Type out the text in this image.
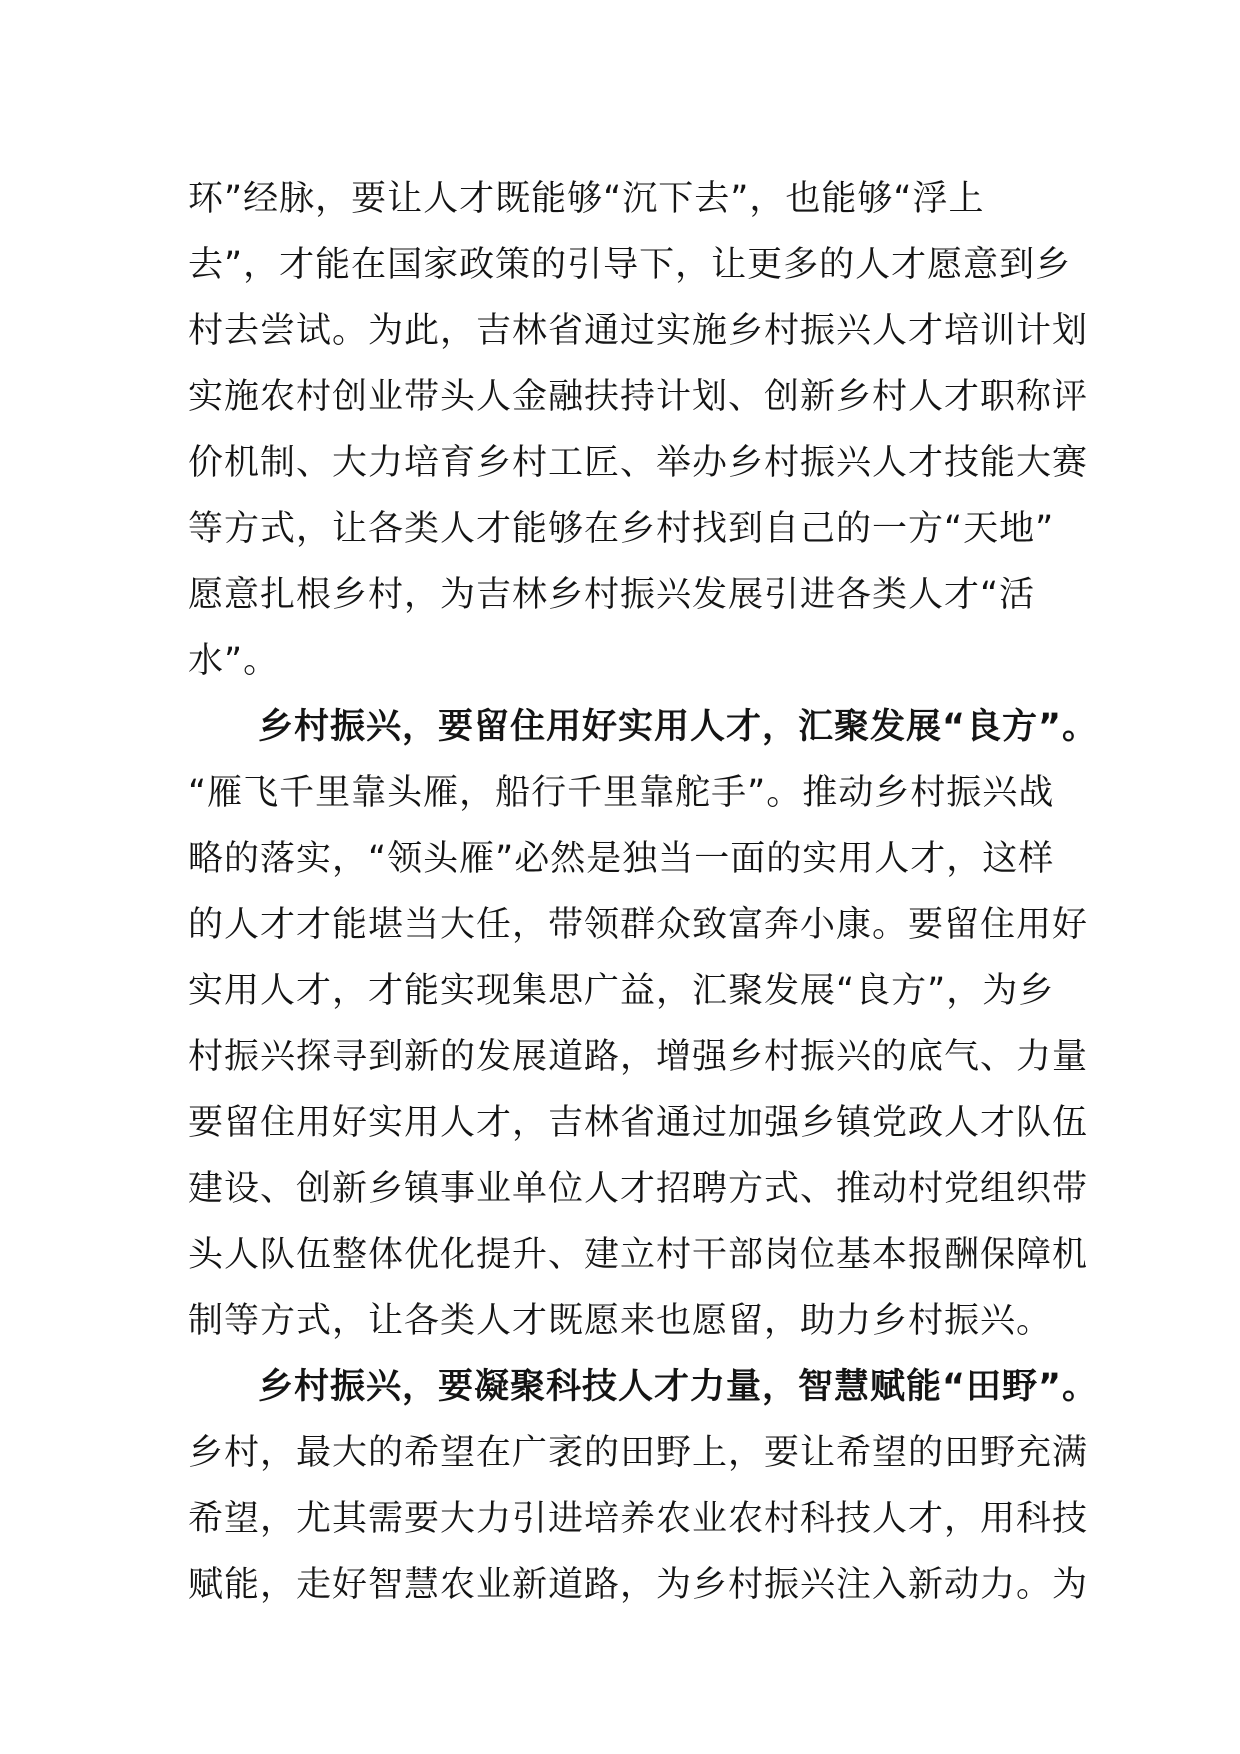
环”经脉，要让人才既能够“沉下去”，也能够“浮上
去”，才能在国家政策的引导下，让更多的人才愿意到乡
村去尝试。为此，吉林省通过实施乡村振兴人才培训计划
实施农村创业带头人金融扶持计划、创新乡村人才职称评
价机制、大力培育乡村工匠、举办乡村振兴人才技能大赛
等方式，让各类人才能够在乡村找到自己的一方“天地”
愿意扎根乡村，为吉林乡村振兴发展引进各类人才“活
水”。
乡村振兴，要留住用好实用人才，汇聚发展“良方”。
“雁飞千里靠头雁，船行千里靠舵手”。推动乡村振兴战
略的落实，“领头雁”必然是独当一面的实用人才，这样
的人才才能堪当大任，带领群众致富奔小康。要留住用好
实用人才，才能实现集思广益，汇聚发展“良方”，为乡
村振兴探寻到新的发展道路，增强乡村振兴的底气、力量
要留住用好实用人才，吉林省通过加强乡镇党政人才队伍
建设、创新乡镇事业单位人才招聘方式、推动村党组织带
头人队伍整体优化提升、建立村干部岗位基本报酬保障机
制等方式，让各类人才既愿来也愿留，助力乡村振兴。
乡村振兴，要凝聚科技人才力量，智慧赋能“田野”。
乡村，最大的希望在广袤的田野上，要让希望的田野充满
希望，尤其需要大力引进培养农业农村科技人才，用科技
赋能，走好智慧农业新道路，为乡村振兴注入新动力。为
